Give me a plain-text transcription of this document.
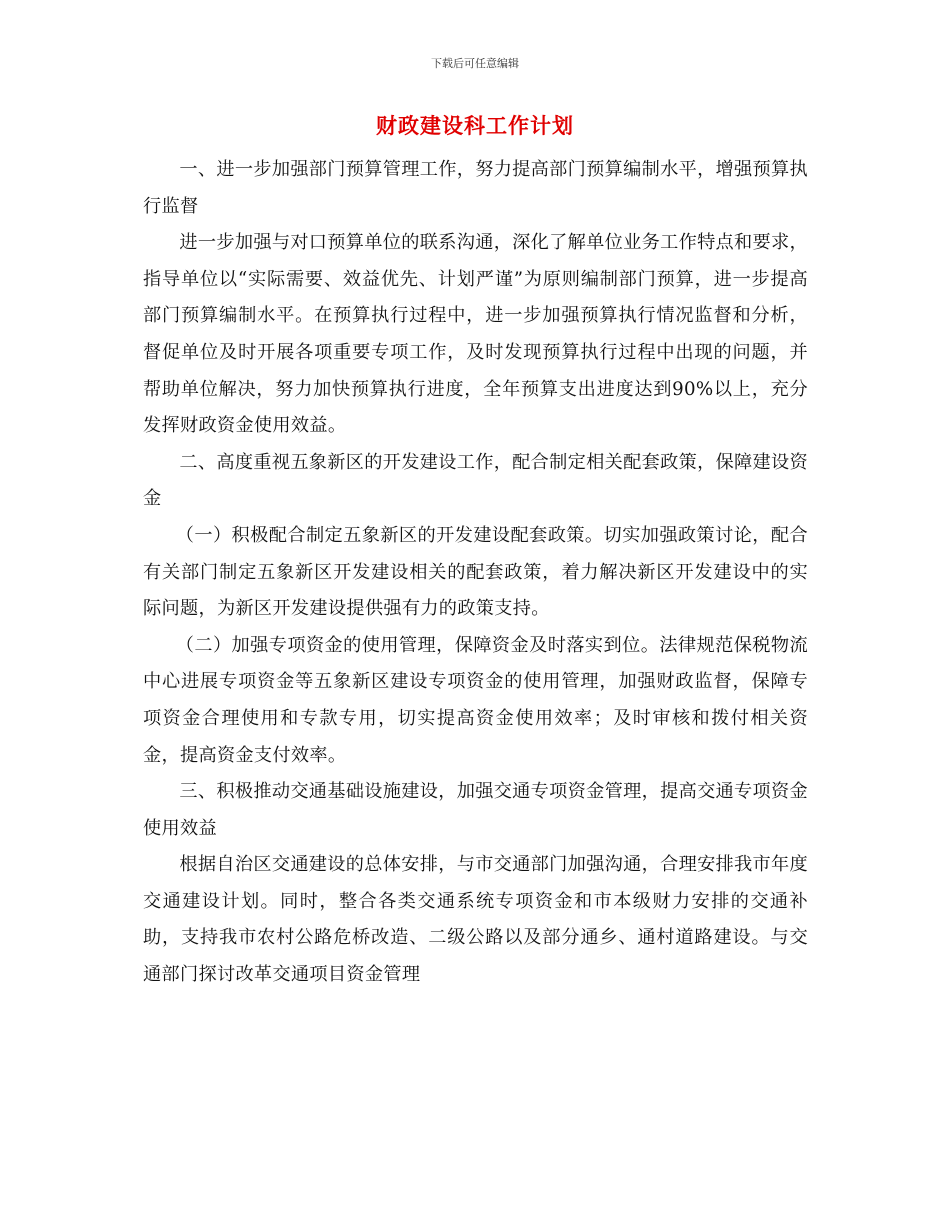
下载后可任意编辑

财政建设科工作计划

一、进一步加强部门预算管理工作，努力提高部门预算编制水平，增强预算执行监督

进一步加强与对口预算单位的联系沟通，深化了解单位业务工作特点和要求，指导单位以“实际需要、效益优先、计划严谨”为原则编制部门预算，进一步提高部门预算编制水平。在预算执行过程中，进一步加强预算执行情况监督和分析，督促单位及时开展各项重要专项工作，及时发现预算执行过程中出现的问题，并帮助单位解决，努力加快预算执行进度，全年预算支出进度达到90%以上，充分发挥财政资金使用效益。

二、高度重视五象新区的开发建设工作，配合制定相关配套政策，保障建设资金

（一）积极配合制定五象新区的开发建设配套政策。切实加强政策讨论，配合有关部门制定五象新区开发建设相关的配套政策，着力解决新区开发建设中的实际问题，为新区开发建设提供强有力的政策支持。

（二）加强专项资金的使用管理，保障资金及时落实到位。法律规范保税物流中心进展专项资金等五象新区建设专项资金的使用管理，加强财政监督，保障专项资金合理使用和专款专用，切实提高资金使用效率；及时审核和拨付相关资金，提高资金支付效率。

三、积极推动交通基础设施建设，加强交通专项资金管理，提高交通专项资金使用效益

根据自治区交通建设的总体安排，与市交通部门加强沟通，合理安排我市年度交通建设计划。同时，整合各类交通系统专项资金和市本级财力安排的交通补助，支持我市农村公路危桥改造、二级公路以及部分通乡、通村道路建设。与交通部门探讨改革交通项目资金管理
